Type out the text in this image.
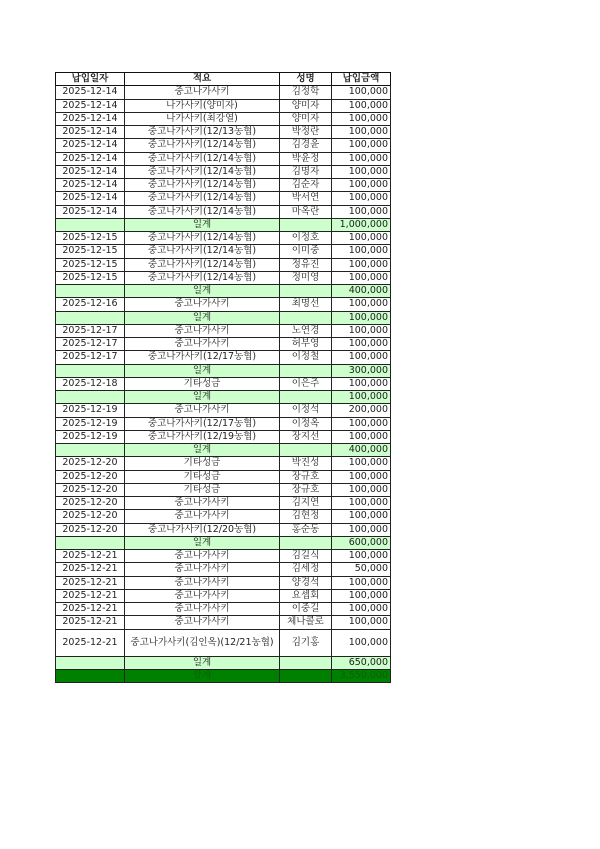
납입일자	적요	성명	납입금액
2025-12-14	중고나가사키	김정학	100,000
2025-12-14	나가사키(양미자)	양미자	100,000
2025-12-14	나가사키(최강열)	양미자	100,000
2025-12-14	중고나가사키(12/13농협)	박정란	100,000
2025-12-14	중고나가사키(12/14농협)	김경윤	100,000
2025-12-14	중고나가사키(12/14농협)	박윤정	100,000
2025-12-14	중고나가사키(12/14농협)	김명자	100,000
2025-12-14	중고나가사키(12/14농협)	김순자	100,000
2025-12-14	중고나가사키(12/14농협)	박서연	100,000
2025-12-14	중고나가사키(12/14농협)	마옥란	100,000
	일계		1,000,000
2025-12-15	중고나가사키(12/14농협)	이정호	100,000
2025-12-15	중고나가사키(12/14농협)	이미중	100,000
2025-12-15	중고나가사키(12/14농협)	정유진	100,000
2025-12-15	중고나가사키(12/14농협)	정미영	100,000
	일계		400,000
2025-12-16	중고나가사키	최명선	100,000
	일계		100,000
2025-12-17	중고나가사키	노연경	100,000
2025-12-17	중고나가사키	허부영	100,000
2025-12-17	중고나가사키(12/17농협)	이정철	100,000
	일계		300,000
2025-12-18	기타성금	이은주	100,000
	일계		100,000
2025-12-19	중고나가사키	이정석	200,000
2025-12-19	중고나가사키(12/17농협)	이정옥	100,000
2025-12-19	중고나가사키(12/19농협)	장지선	100,000
	일계		400,000
2025-12-20	기타성금	박진성	100,000
2025-12-20	기타성금	장규호	100,000
2025-12-20	기타성금	장규호	100,000
2025-12-20	중고나가사키	김지연	100,000
2025-12-20	중고나가사키	김현정	100,000
2025-12-20	중고나가사키(12/20농협)	홍순동	100,000
	일계		600,000
2025-12-21	중고나가사키	김길식	100,000
2025-12-21	중고나가사키	김세정	50,000
2025-12-21	중고나가사키	양경석	100,000
2025-12-21	중고나가사키	요셉회	100,000
2025-12-21	중고나가사키	이중길	100,000
2025-12-21	중고나가사키	체나콜로	100,000
2025-12-21	중고나가사키(김인옥)(12/21농협)	김기홍	100,000
	일계		650,000
	합계		3,550,000
